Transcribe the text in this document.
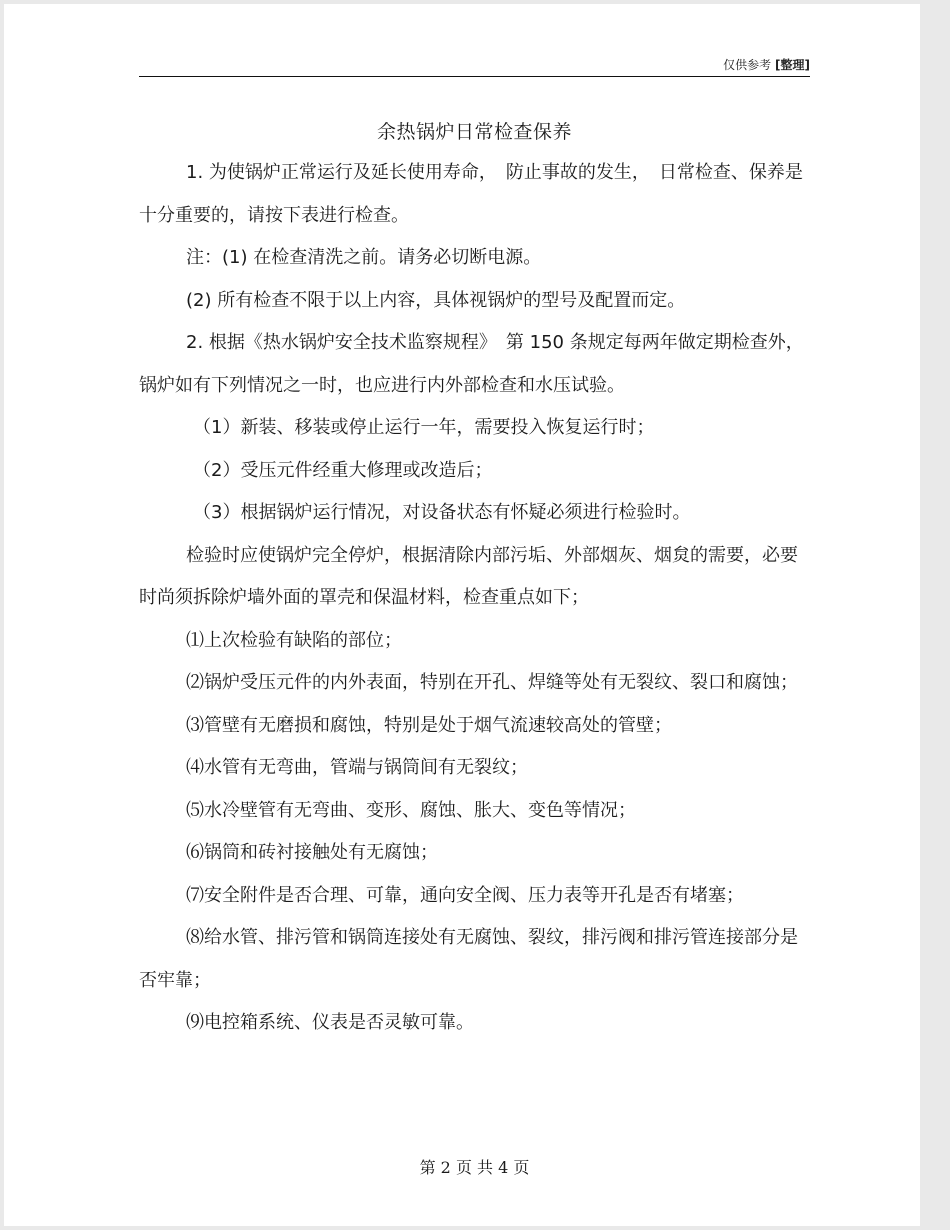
仅供参考 [整理]
余热锅炉日常检查保养

1. 为使锅炉正常运行及延长使用寿命，　防止事故的发生，　日常检查、保养是十分重要的，请按下表进行检查。

注：(1) 在检查清洗之前。请务必切断电源。

(2) 所有检查不限于以上内容，具体视锅炉的型号及配置而定。

2. 根据《热水锅炉安全技术监察规程》　第 150 条规定每两年做定期检查外，锅炉如有下列情况之一时，也应进行内外部检查和水压试验。

（1）新装、移装或停止运行一年，需要投入恢复运行时；

（2）受压元件经重大修理或改造后；

（3）根据锅炉运行情况，对设备状态有怀疑必须进行检验时。

检验时应使锅炉完全停炉，根据清除内部污垢、外部烟灰、烟炱的需要，必要时尚须拆除炉墙外面的罩壳和保温材料，检查重点如下；

⑴上次检验有缺陷的部位；

⑵锅炉受压元件的内外表面，特别在开孔、焊缝等处有无裂纹、裂口和腐蚀；

⑶管壁有无磨损和腐蚀，特别是处于烟气流速较高处的管壁；

⑷水管有无弯曲，管端与锅筒间有无裂纹；

⑸水冷壁管有无弯曲、变形、腐蚀、胀大、变色等情况；

⑹锅筒和砖衬接触处有无腐蚀；

⑺安全附件是否合理、可靠，通向安全阀、压力表等开孔是否有堵塞；

⑻给水管、排污管和锅筒连接处有无腐蚀、裂纹，排污阀和排污管连接部分是否牢靠；

⑼电控箱系统、仪表是否灵敏可靠。

第 2 页 共 4 页
